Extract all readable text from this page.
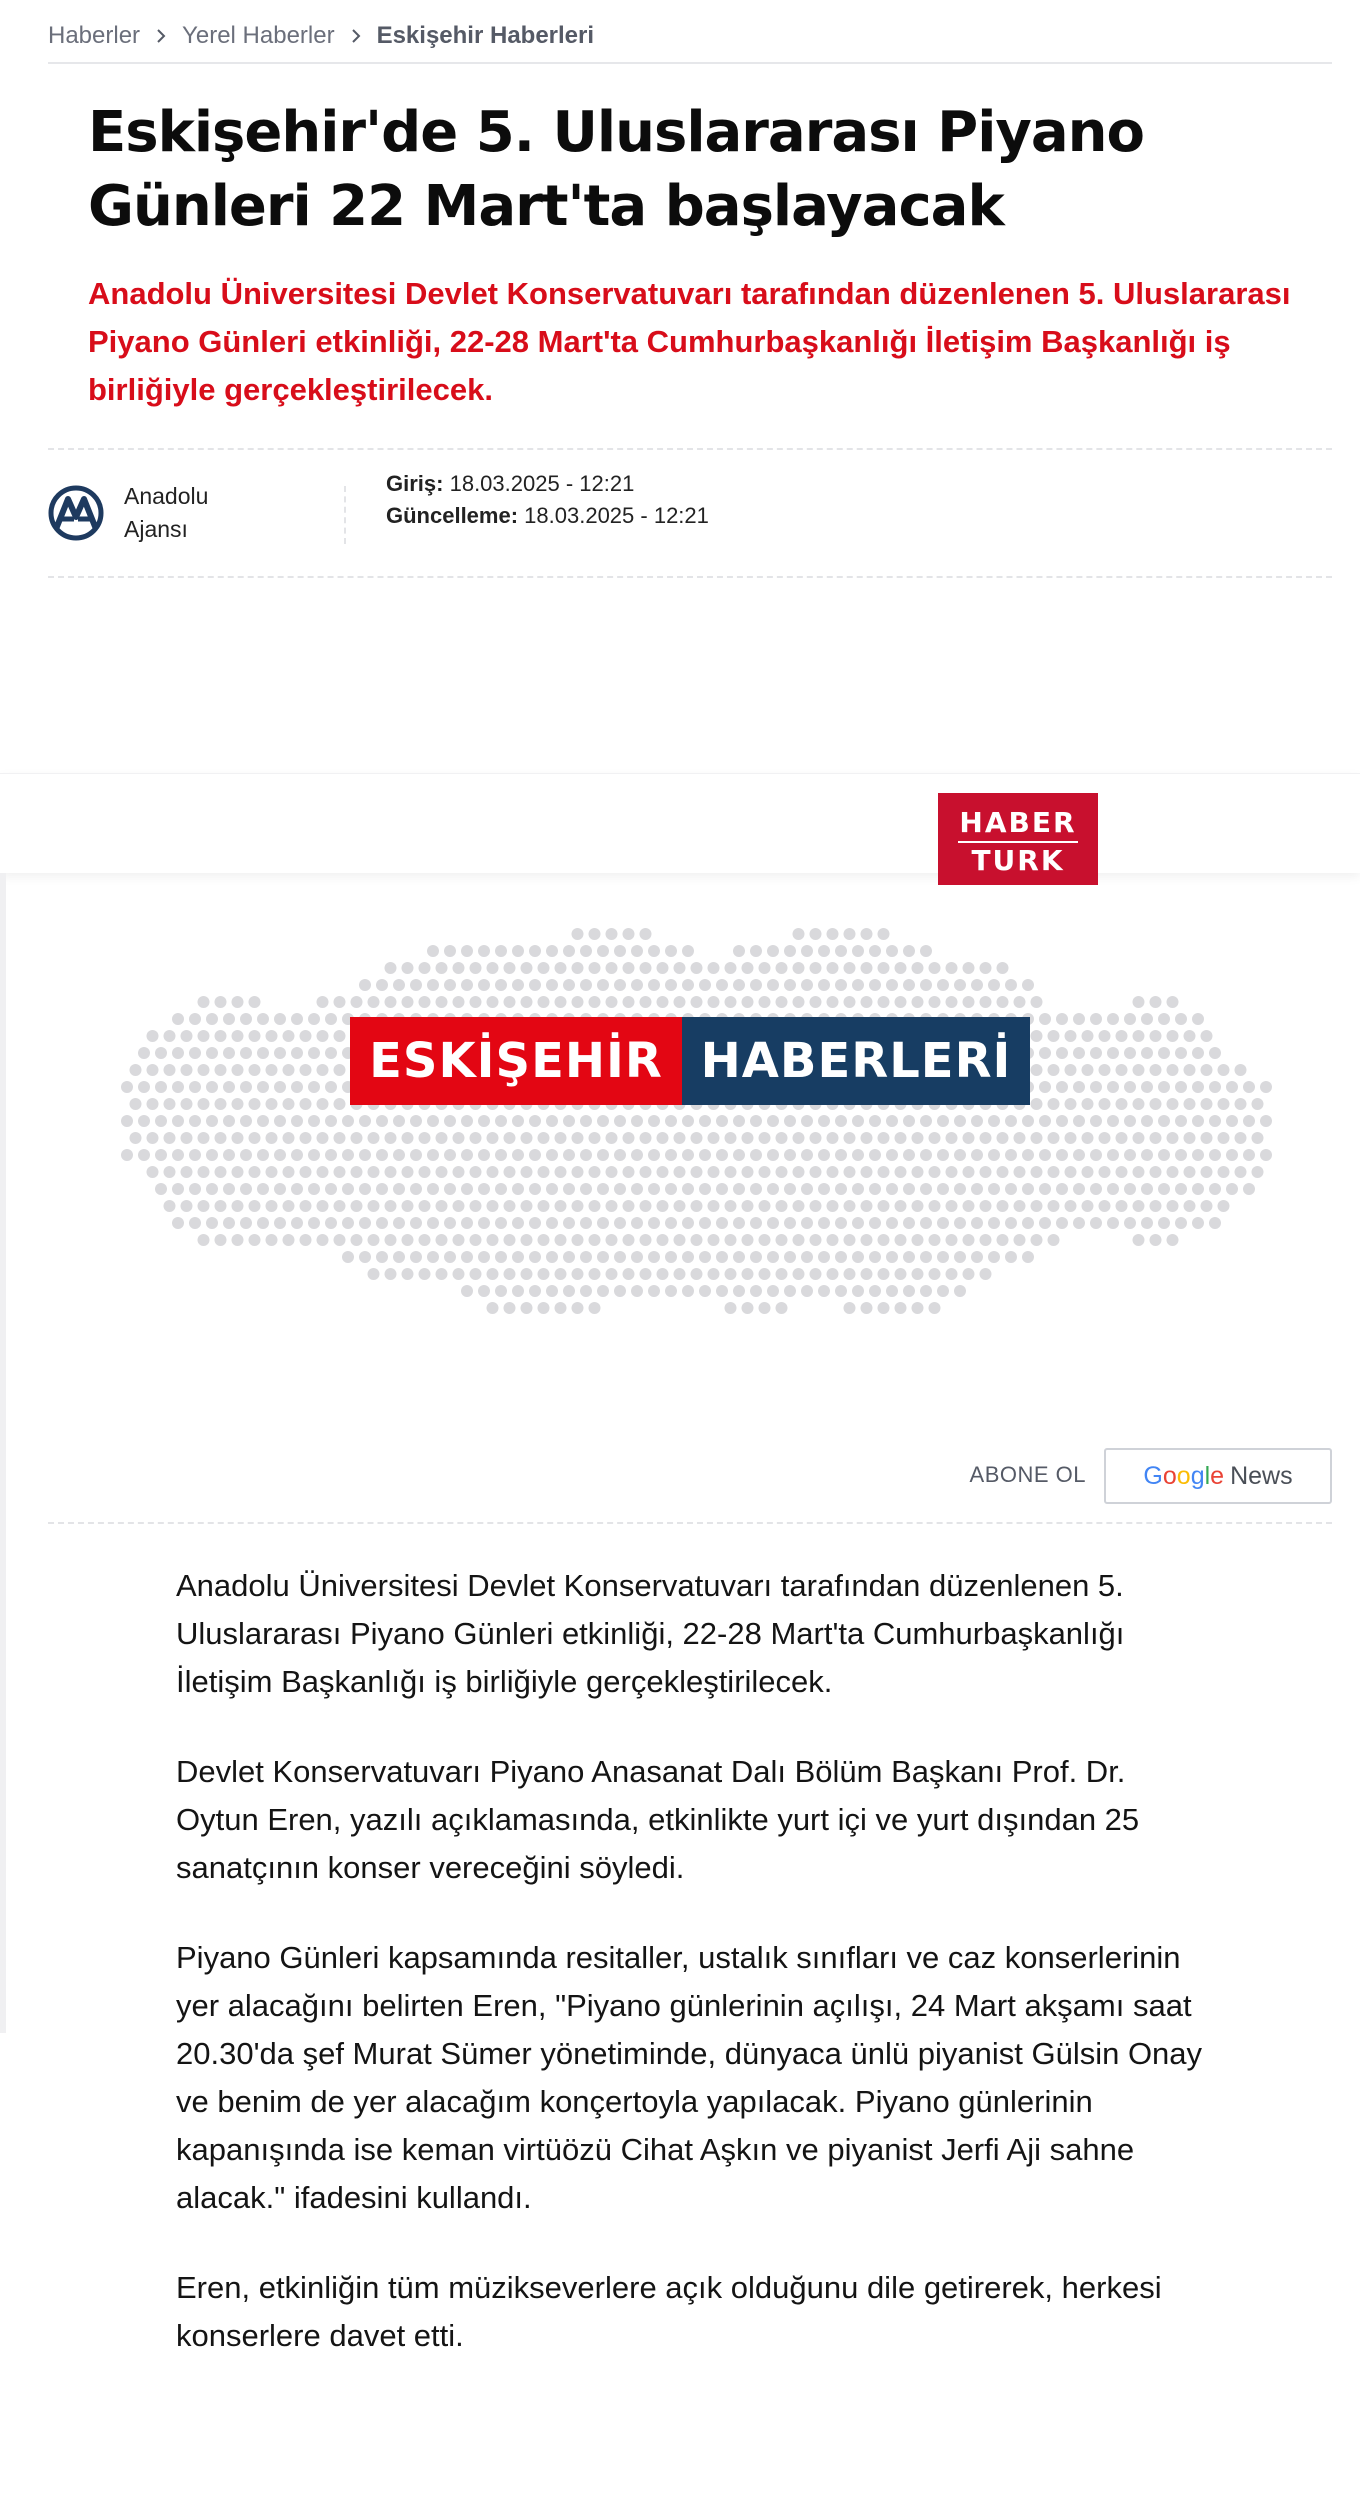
Haberler Yerel Haberler Eskişehir Haberleri
Eskişehir'de 5. Uluslararası Piyano Günleri 22 Mart'ta başlayacak
Anadolu Üniversitesi Devlet Konservatuvarı tarafından düzenlenen 5. Uluslararası Piyano Günleri etkinliği, 22-28 Mart'ta Cumhurbaşkanlığı İletişim Başkanlığı iş birliğiyle gerçekleştirilecek.
Anadolu Ajansı
Giriş: 18.03.2025 - 12:21
Güncelleme: 18.03.2025 - 12:21
HABER
TURK
ESKİŞEHİR HABERLERİ
ABONE OL Google News

Anadolu Üniversitesi Devlet Konservatuvarı tarafından düzenlenen 5. Uluslararası Piyano Günleri etkinliği, 22-28 Mart'ta Cumhurbaşkanlığı İletişim Başkanlığı iş birliğiyle gerçekleştirilecek.

Devlet Konservatuvarı Piyano Anasanat Dalı Bölüm Başkanı Prof. Dr. Oytun Eren, yazılı açıklamasında, etkinlikte yurt içi ve yurt dışından 25 sanatçının konser vereceğini söyledi.

Piyano Günleri kapsamında resitaller, ustalık sınıfları ve caz konserlerinin yer alacağını belirten Eren, "Piyano günlerinin açılışı, 24 Mart akşamı saat 20.30'da şef Murat Sümer yönetiminde, dünyaca ünlü piyanist Gülsin Onay ve benim de yer alacağım konçertoyla yapılacak. Piyano günlerinin kapanışında ise keman virtüözü Cihat Aşkın ve piyanist Jerfi Aji sahne alacak." ifadesini kullandı.

Eren, etkinliğin tüm müzikseverlere açık olduğunu dile getirerek, herkesi konserlere davet etti.
